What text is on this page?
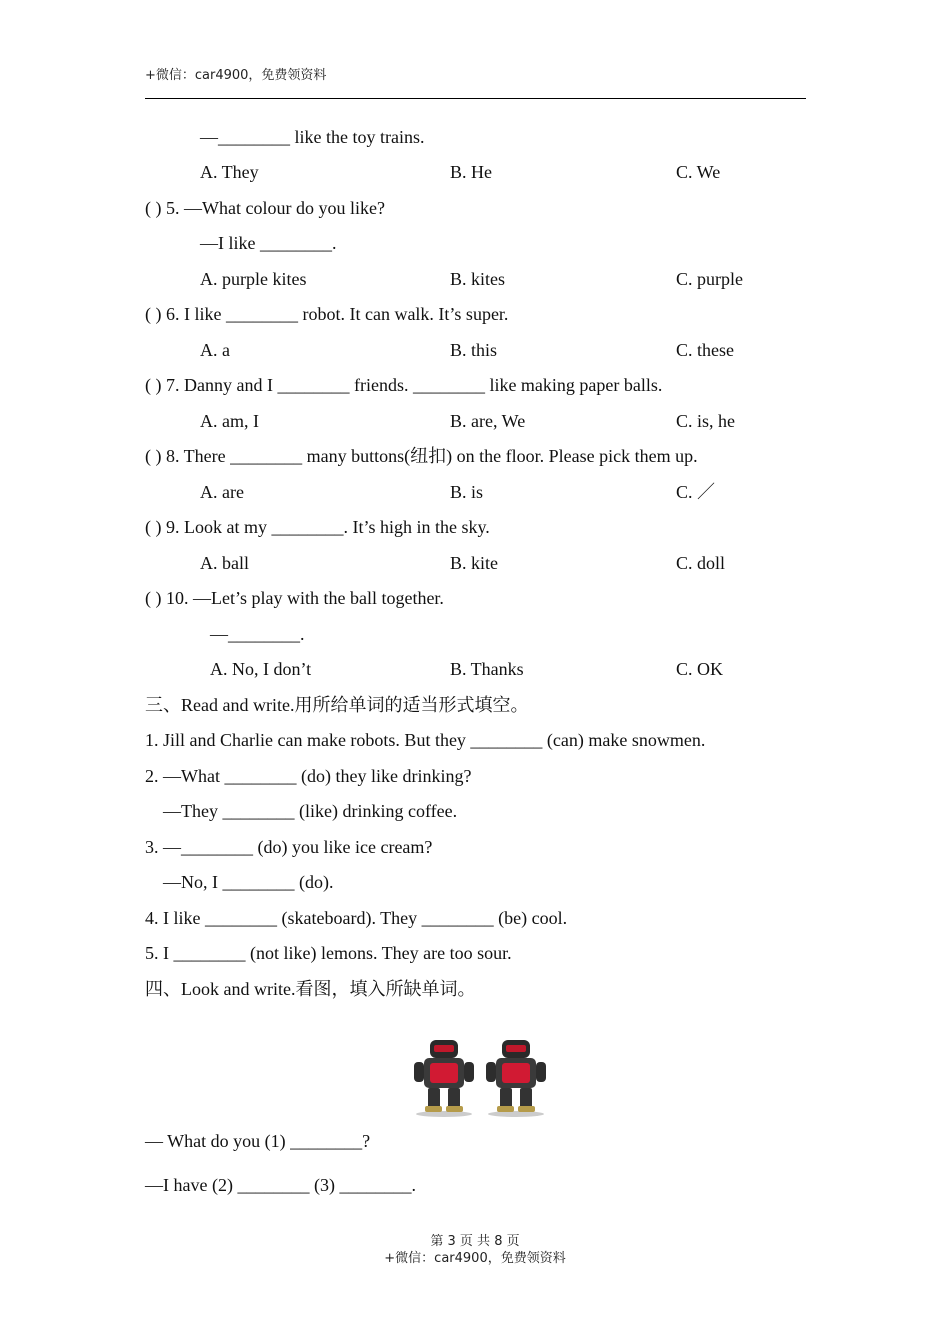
+微信：car4900，免费领资料
—________ like the toy trains.
A. They	B. He	C. We
( ) 5. —What colour do you like?
—I like ________.
A. purple kites	B. kites	C. purple
( ) 6. I like ________ robot. It can walk. It’s super.
A. a	B. this	C. these
( ) 7. Danny and I ________ friends. ________ like making paper balls.
A. am, I	B. are, We	C. is, he
( ) 8. There ________ many buttons(纽扣) on the floor. Please pick them up.
A. are	B. is	C. ／
( ) 9. Look at my ________. It’s high in the sky.
A. ball	B. kite	C. doll
( ) 10. —Let’s play with the ball together.
—________.
A. No, I don’t	B. Thanks	C. OK
三、Read and write.用所给单词的适当形式填空。
1. Jill and Charlie can make robots. But they ________ (can) make snowmen.
2. —What ________ (do) they like drinking?
—They ________ (like) drinking coffee.
3. —________ (do) you like ice cream?
—No, I ________ (do).
4. I like ________ (skateboard). They ________ (be) cool.
5. I ________ (not like) lemons. They are too sour.
四、Look and write.看图，填入所缺单词。
— What do you (1) ________?
—I have (2) ________ (3) ________.
第 3 页 共 8 页
+微信：car4900，免费领资料
